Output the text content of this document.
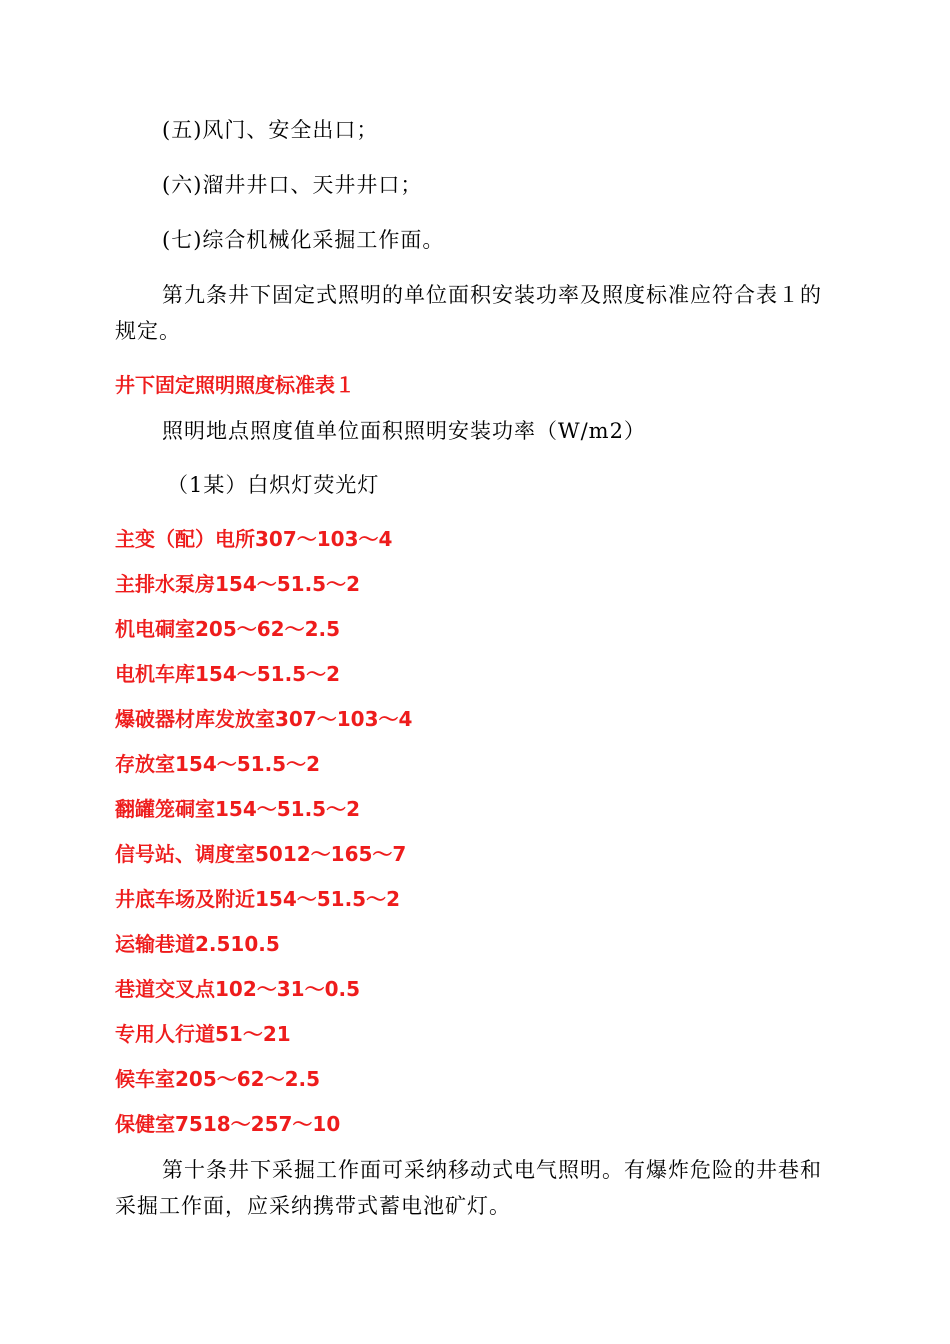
(五)风门、安全出口；
(六)溜井井口、天井井口；
(七)综合机械化采掘工作面。
第九条井下固定式照明的单位面积安装功率及照度标准应符合表１的
规定。
井下固定照明照度标准表１
照明地点照度值单位面积照明安装功率（W/m2）
（1某）白炽灯荧光灯
主变（配）电所307～103～4
主排水泵房154～51.5～2
机电硐室205～62～2.5
电机车库154～51.5～2
爆破器材库发放室307～103～4
存放室154～51.5～2
翻罐笼硐室154～51.5～2
信号站、调度室5012～165～7
井底车场及附近154～51.5～2
运输巷道2.510.5
巷道交叉点102～31～0.5
专用人行道51～21
候车室205～62～2.5
保健室7518～257～10
第十条井下采掘工作面可采纳移动式电气照明。有爆炸危险的井巷和
采掘工作面，应采纳携带式蓄电池矿灯。
